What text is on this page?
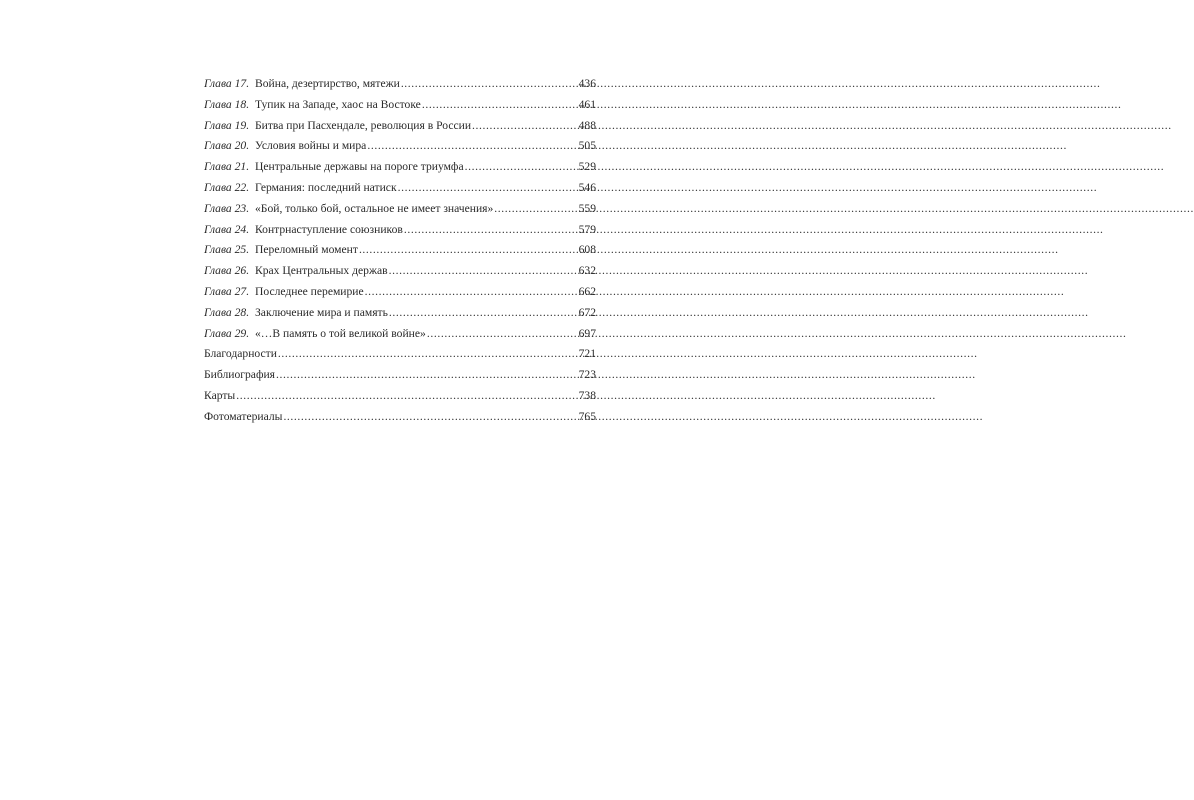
Глава 17. Война, дезертирство, мятежи .....	436
Глава 18. Тупик на Западе, хаос на Востоке .....	461
Глава 19. Битва при Пасхендале, революция в России .....	488
Глава 20. Условия войны и мира .....	505
Глава 21. Центральные державы на пороге триумфа .....	529
Глава 22. Германия: последний натиск .....	546
Глава 23. «Бой, только бой, остальное не имеет значения» .....	559
Глава 24. Контрнаступление союзников .....	579
Глава 25. Переломный момент .....	608
Глава 26. Крах Центральных держав .....	632
Глава 27. Последнее перемирие .....	662
Глава 28. Заключение мира и память .....	672
Глава 29. «…В память о той великой войне» .....	697
Благодарности .....	721
Библиография .....	723
Карты .....	738
Фотоматериалы .....	765
